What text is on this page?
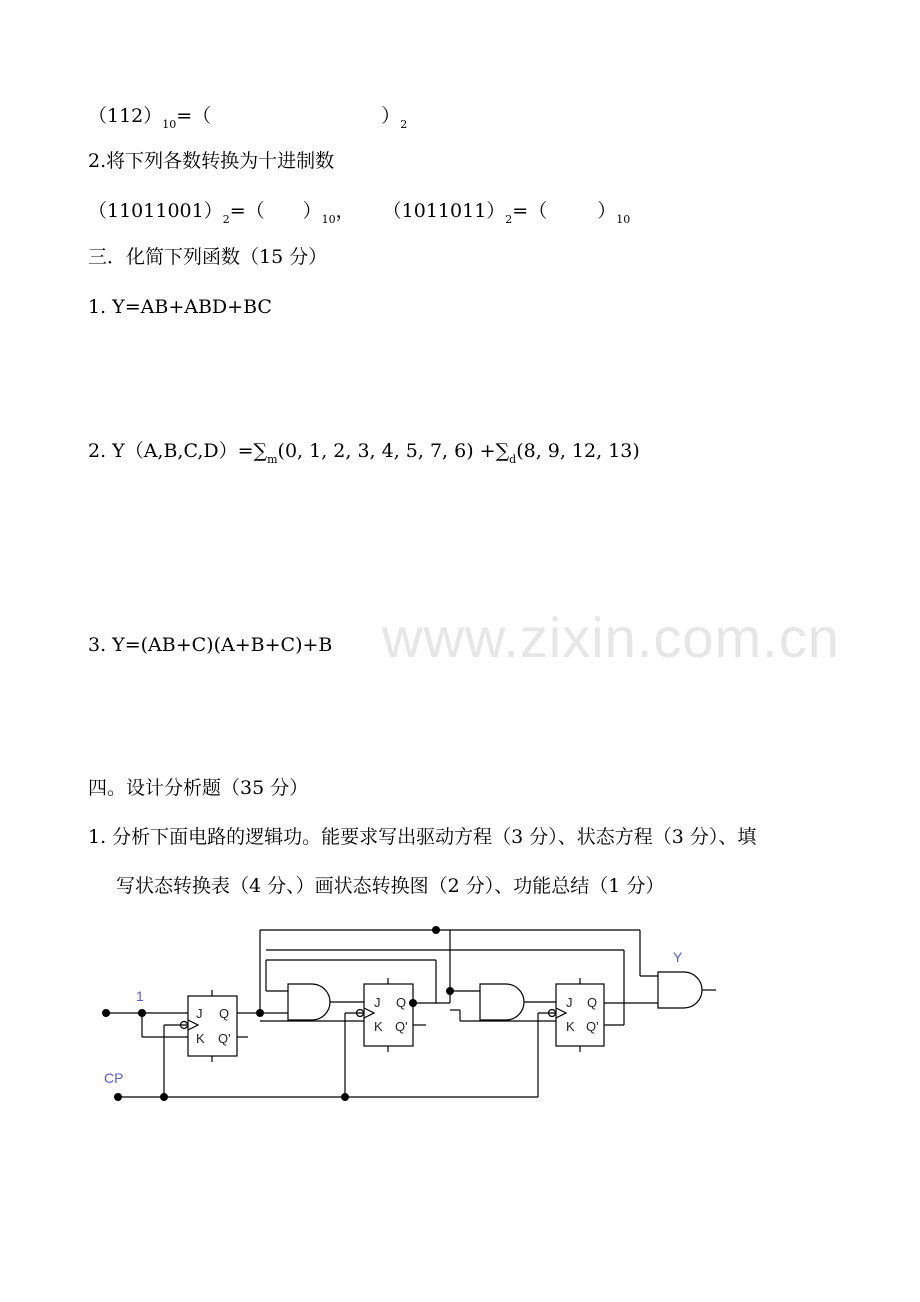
$(112)_{10}=$（	）$_2$
2.将下列各数转换为十进制数
$(11011001)_2=$（ ）$_{10}$， $(1011011)_2=$（	）$_{10}$
三．化简下列函数（15 分）
1. Y=AB+ABD+BC
2. $Y(A,B,C,D)=\sum_m(0$, 1, 2, 3, 4, 5, 7, $6) +\sum_d(8$, 9, 12, 13)
www.zixin.com.cn
3. Y=(AB+C)(A+B+C)+B
四。设计分析题（35 分）
1. 分析下面电路的逻辑功。能要求写出驱动方程（3 分）、状态方程（3 分）、填
写状态转换表（4 分、）画状态转换图（2 分）、功能总结（1 分）
1
CP
Y
J
K
Q
Q'
J
K
Q
Q'
J
K
Q
Q'
